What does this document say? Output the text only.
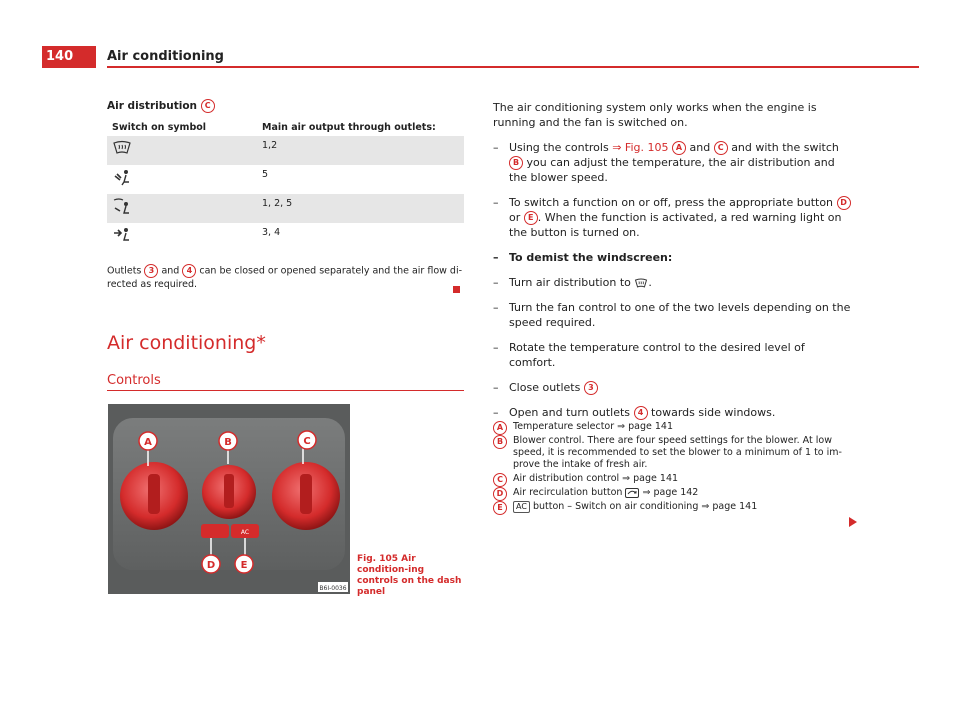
140	Air conditioning
Air distribution C
Switch on symbol	Main air output through outlets:
	1,2
	5
	1, 2, 5
	3, 4
Outlets 3 and 4 can be closed or opened separately and the air flow di-rected as required.
Air conditioning*
Controls
AC
A	B	C
D	E
B6I-0036
Fig. 105 Air condition-ing controls on the dash panel

The air conditioning system only works when the engine is running and the fan is switched on.

– Using the controls ⇒ Fig. 105 A and C and with the switch B you can adjust the temperature, the air distribution and the blower speed.
– To switch a function on or off, press the appropriate button D or E . When the function is activated, a red warning light on the button is turned on.
– To demist the windscreen:
– Turn air distribution to .
– Turn the fan control to one of the two levels depending on the speed required.
– Rotate the temperature control to the desired level of comfort.
– Close outlets 3
– Open and turn outlets 4 towards side windows.
A	Temperature selector ⇒ page 141
B	Blower control. There are four speed settings for the blower. At low speed, it is recommended to set the blower to a minimum of 1 to im-prove the intake of fresh air.
C	Air distribution control ⇒ page 141
D	Air recirculation button ⇒ page 142
E	AC button – Switch on air conditioning ⇒ page 141
